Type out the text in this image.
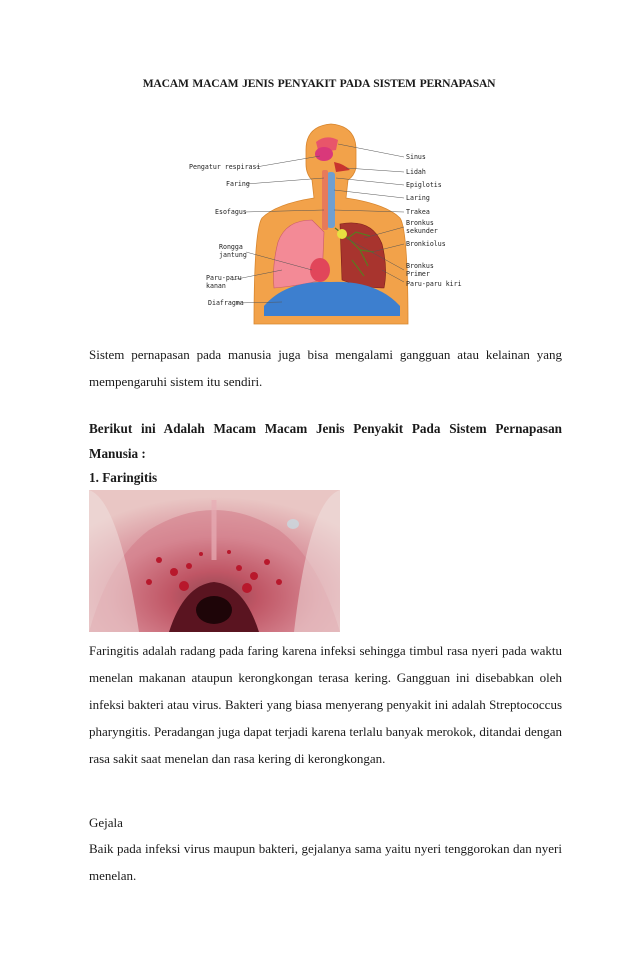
MACAM MACAM JENIS PENYAKIT PADA SISTEM PERNAPASAN
Pengatur respirasi
Faring
Esofagus
Rongga
jantung
Paru-paru
kanan
Diafragma
Sinus
Lidah
Epiglotis
Laring
Trakea
Bronkus
sekunder
Bronkiolus
Bronkus
Primer
Paru-paru kiri
Sistem pernapasan pada manusia juga bisa mengalami gangguan atau kelainan yang mempengaruhi sistem itu sendiri.
Berikut ini Adalah Macam Macam Jenis Penyakit Pada Sistem Pernapasan Manusia :
1. Faringitis
Faringitis adalah radang pada faring karena infeksi sehingga timbul rasa nyeri pada waktu menelan makanan ataupun kerongkongan terasa kering. Gangguan ini disebabkan oleh infeksi bakteri atau virus. Bakteri yang biasa menyerang penyakit ini adalah Streptococcus pharyngitis. Peradangan juga dapat terjadi karena terlalu banyak merokok, ditandai dengan rasa sakit saat menelan dan rasa kering di kerongkongan.
Gejala
Baik pada infeksi virus maupun bakteri, gejalanya sama yaitu nyeri tenggorokan dan nyeri menelan.
